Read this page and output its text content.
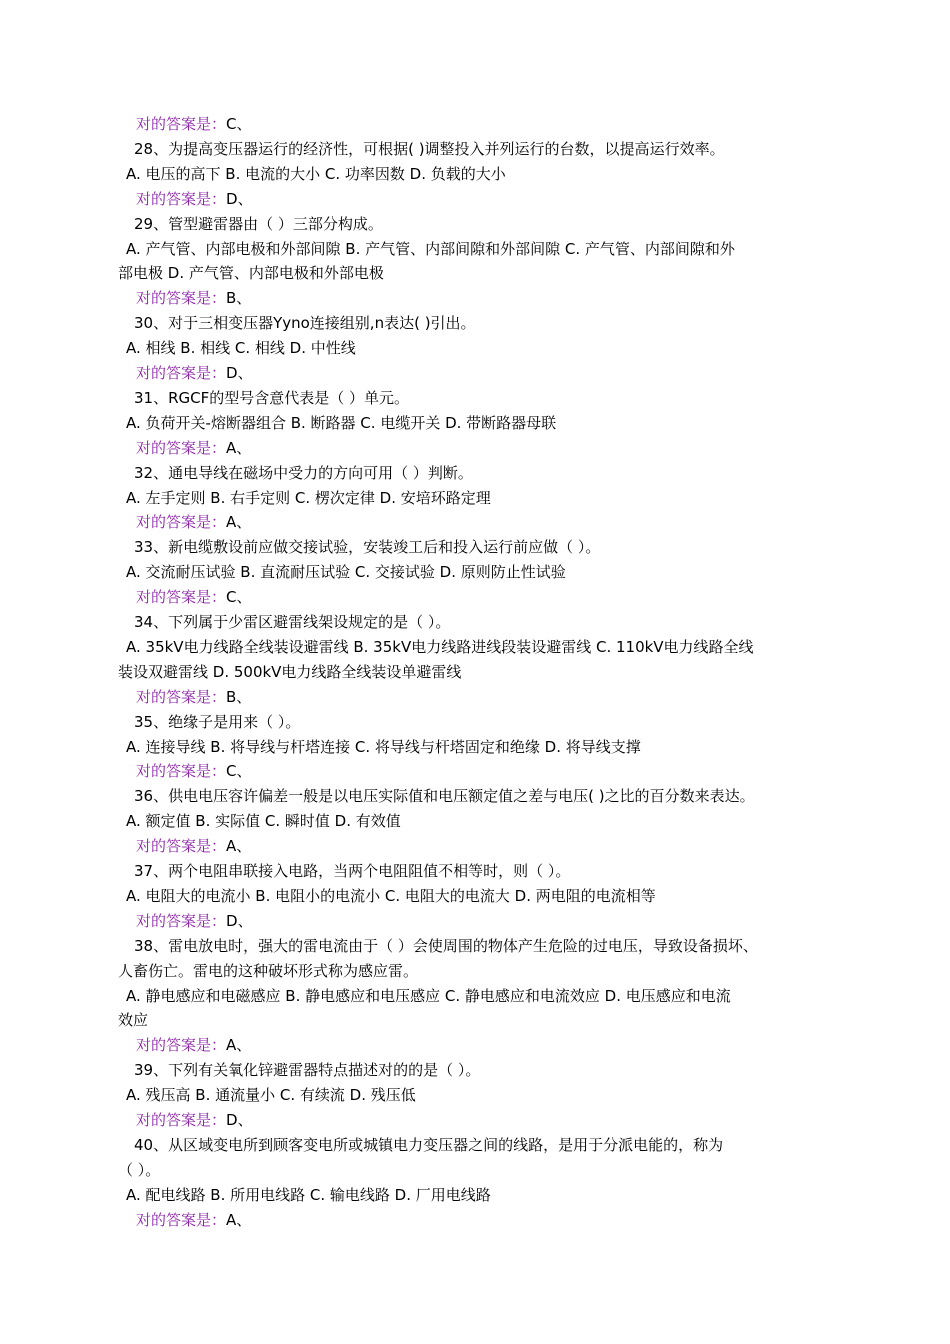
对的答案是：C、
28、为提高变压器运行的经济性，可根据( )调整投入并列运行的台数，以提高运行效率。
A. 电压的高下 B. 电流的大小 C. 功率因数 D. 负载的大小
对的答案是：D、
29、管型避雷器由（ ）三部分构成。
A. 产气管、内部电极和外部间隙 B. 产气管、内部间隙和外部间隙 C. 产气管、内部间隙和外
部电极 D. 产气管、内部电极和外部电极
对的答案是：B、
30、对于三相变压器Yyno连接组别,n表达( )引出。
A. 相线 B. 相线 C. 相线 D. 中性线
对的答案是：D、
31、RGCF的型号含意代表是（ ）单元。
A. 负荷开关-熔断器组合 B. 断路器 C. 电缆开关 D. 带断路器母联
对的答案是：A、
32、通电导线在磁场中受力的方向可用（ ）判断。
A. 左手定则 B. 右手定则 C. 楞次定律 D. 安培环路定理
对的答案是：A、
33、新电缆敷设前应做交接试验，安装竣工后和投入运行前应做（ ）。
A. 交流耐压试验 B. 直流耐压试验 C. 交接试验 D. 原则防止性试验
对的答案是：C、
34、下列属于少雷区避雷线架设规定的是（ ）。
A. 35kV电力线路全线装设避雷线 B. 35kV电力线路进线段装设避雷线 C. 110kV电力线路全线
装设双避雷线 D. 500kV电力线路全线装设单避雷线
对的答案是：B、
35、绝缘子是用来（ ）。
A. 连接导线 B. 将导线与杆塔连接 C. 将导线与杆塔固定和绝缘 D. 将导线支撑
对的答案是：C、
36、供电电压容许偏差一般是以电压实际值和电压额定值之差与电压( )之比的百分数来表达。
A. 额定值 B. 实际值 C. 瞬时值 D. 有效值
对的答案是：A、
37、两个电阻串联接入电路，当两个电阻阻值不相等时，则（ ）。
A. 电阻大的电流小 B. 电阻小的电流小 C. 电阻大的电流大 D. 两电阻的电流相等
对的答案是：D、
38、雷电放电时，强大的雷电流由于（ ）会使周围的物体产生危险的过电压，导致设备损坏、
人畜伤亡。雷电的这种破坏形式称为感应雷。
A. 静电感应和电磁感应 B. 静电感应和电压感应 C. 静电感应和电流效应 D. 电压感应和电流
效应
对的答案是：A、
39、下列有关氧化锌避雷器特点描述对的的是（ ）。
A. 残压高 B. 通流量小 C. 有续流 D. 残压低
对的答案是：D、
40、从区域变电所到顾客变电所或城镇电力变压器之间的线路，是用于分派电能的，称为
（ ）。
A. 配电线路 B. 所用电线路 C. 输电线路 D. 厂用电线路
对的答案是：A、
